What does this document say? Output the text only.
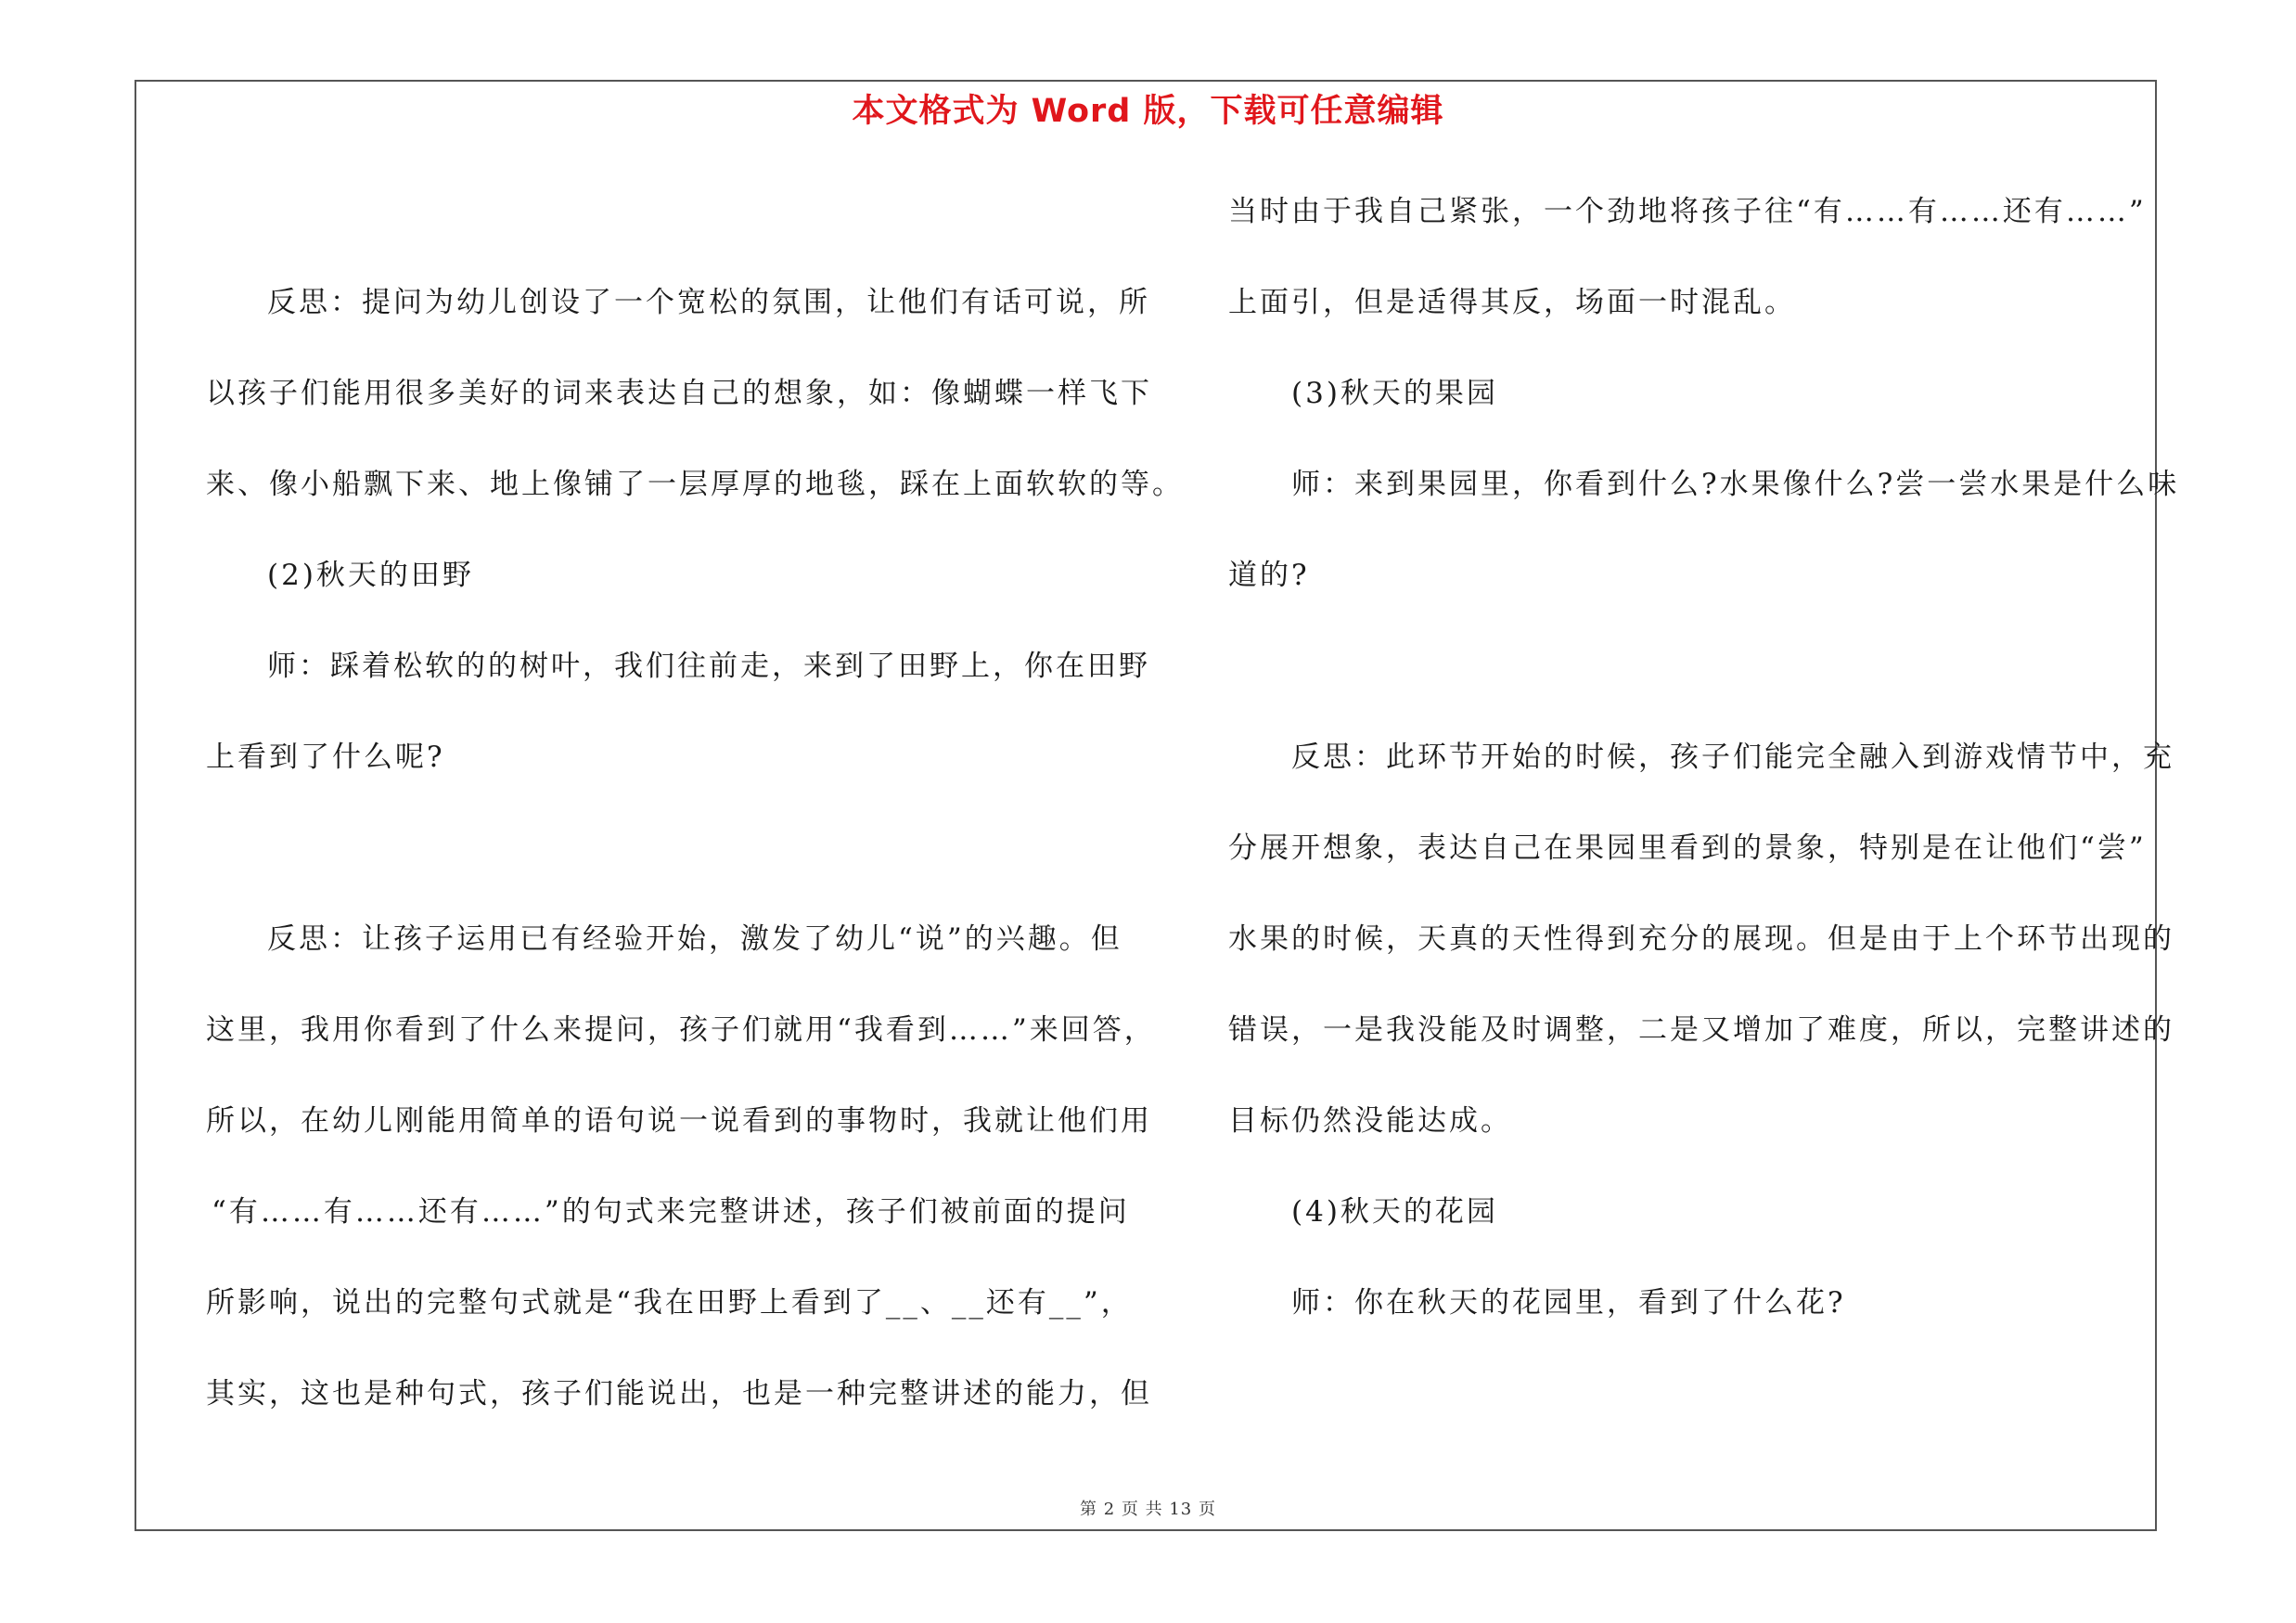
本文格式为 Word 版，下载可任意编辑
反思：提问为幼儿创设了一个宽松的氛围，让他们有话可说，所
以孩子们能用很多美好的词来表达自己的想象，如：像蝴蝶一样飞下
来、像小船飘下来、地上像铺了一层厚厚的地毯，踩在上面软软的等。
(2)秋天的田野
师：踩着松软的的树叶，我们往前走，来到了田野上，你在田野
上看到了什么呢?
反思：让孩子运用已有经验开始，激发了幼儿“说”的兴趣。但
这里，我用你看到了什么来提问，孩子们就用“我看到……”来回答，
所以，在幼儿刚能用简单的语句说一说看到的事物时，我就让他们用
“有……有……还有……”的句式来完整讲述，孩子们被前面的提问
所影响，说出的完整句式就是“我在田野上看到了__、__还有__”，
其实，这也是种句式，孩子们能说出，也是一种完整讲述的能力，但
当时由于我自己紧张，一个劲地将孩子往“有……有……还有……”
上面引，但是适得其反，场面一时混乱。
(3)秋天的果园
师：来到果园里，你看到什么?水果像什么?尝一尝水果是什么味
道的?
反思：此环节开始的时候，孩子们能完全融入到游戏情节中，充
分展开想象，表达自己在果园里看到的景象，特别是在让他们“尝”
水果的时候，天真的天性得到充分的展现。但是由于上个环节出现的
错误，一是我没能及时调整，二是又增加了难度，所以，完整讲述的
目标仍然没能达成。
(4)秋天的花园
师：你在秋天的花园里，看到了什么花?
第 2 页 共 13 页
